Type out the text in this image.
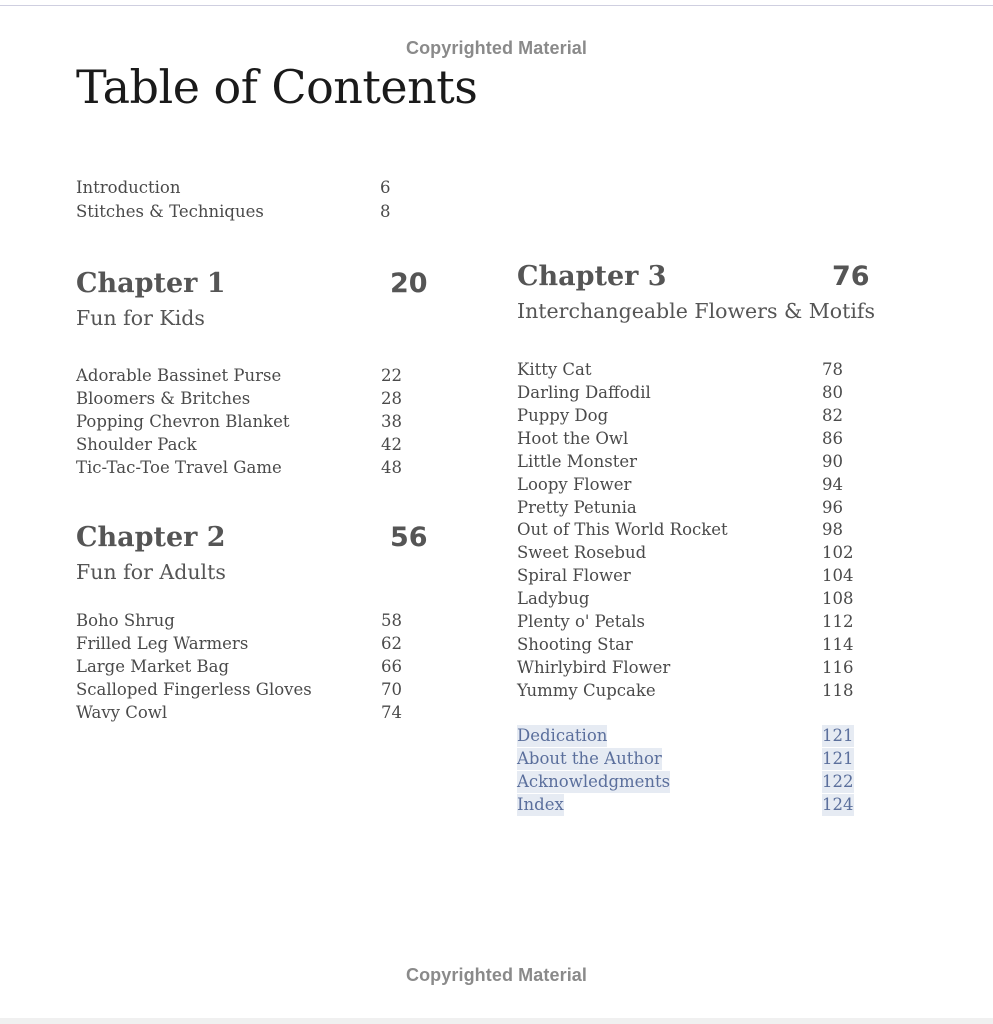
Copyrighted Material
Table of Contents
Introduction	6
Stitches & Techniques	8
Chapter 1	20
Fun for Kids
Adorable Bassinet Purse	22
Bloomers & Britches	28
Popping Chevron Blanket	38
Shoulder Pack	42
Tic-Tac-Toe Travel Game	48
Chapter 2	56
Fun for Adults
Boho Shrug	58
Frilled Leg Warmers	62
Large Market Bag	66
Scalloped Fingerless Gloves	70
Wavy Cowl	74
Chapter 3	76
Interchangeable Flowers & Motifs
Kitty Cat	78
Darling Daffodil	80
Puppy Dog	82
Hoot the Owl	86
Little Monster	90
Loopy Flower	94
Pretty Petunia	96
Out of This World Rocket	98
Sweet Rosebud	102
Spiral Flower	104
Ladybug	108
Plenty o' Petals	112
Shooting Star	114
Whirlybird Flower	116
Yummy Cupcake	118
Dedication	121
About the Author	121
Acknowledgments	122
Index	124
Copyrighted Material
